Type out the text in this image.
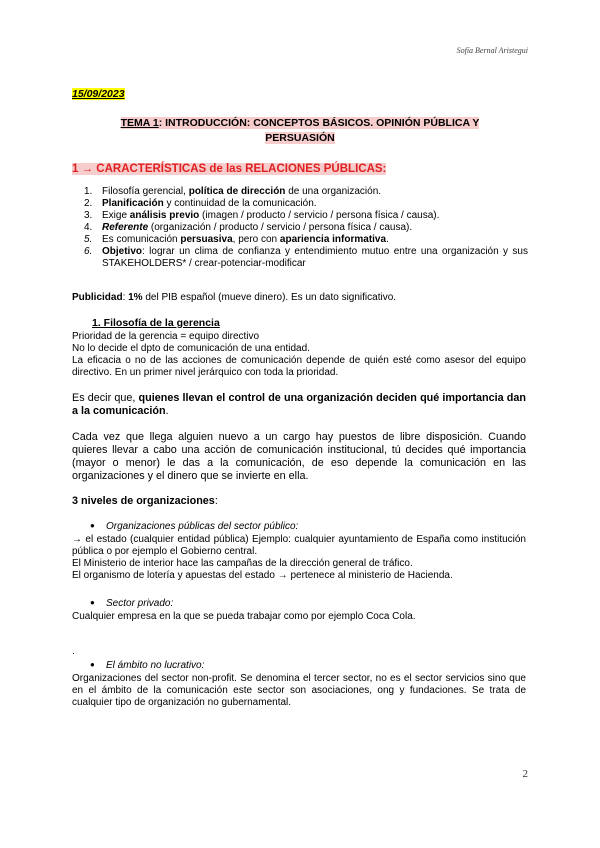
Sofía Bernal Aristegui
15/09/2023
TEMA 1: INTRODUCCIÓN: CONCEPTOS BÁSICOS. OPINIÓN PÚBLICA Y
PERSUASIÓN
1 → CARACTERÍSTICAS de las RELACIONES PÚBLICAS:
1. Filosofía gerencial, política de dirección de una organización.
2. Planificación y continuidad de la comunicación.
3. Exige análisis previo (imagen / producto / servicio / persona física / causa).
4. Referente (organización / producto / servicio / persona física / causa).
5. Es comunicación persuasiva, pero con apariencia informativa.
6. Objetivo: lograr un clima de confianza y entendimiento mutuo entre una organización y sus STAKEHOLDERS* / crear-potenciar-modificar

Publicidad: 1% del PIB español (mueve dinero). Es un dato significativo.

1. Filosofía de la gerencia

Prioridad de la gerencia = equipo directivo

No lo decide el dpto de comunicación de una entidad.

La eficacia o no de las acciones de comunicación depende de quién esté como asesor del equipo directivo. En un primer nivel jerárquico con toda la prioridad.

Es decir que, quienes llevan el control de una organización deciden qué importancia dan a la comunicación.

Cada vez que llega alguien nuevo a un cargo hay puestos de libre disposición. Cuando quieres llevar a cabo una acción de comunicación institucional, tú decides qué importancia (mayor o menor) le das a la comunicación, de eso depende la comunicación en las organizaciones y el dinero que se invierte en ella.

3 niveles de organizaciones:

● Organizaciones públicas del sector público:

→ el estado (cualquier entidad pública) Ejemplo: cualquier ayuntamiento de España como institución pública o por ejemplo el Gobierno central.

El Ministerio de interior hace las campañas de la dirección general de tráfico.

El organismo de lotería y apuestas del estado → pertenece al ministerio de Hacienda.

● Sector privado:

Cualquier empresa en la que se pueda trabajar como por ejemplo Coca Cola.

.

● El ámbito no lucrativo:

Organizaciones del sector non-profit. Se denomina el tercer sector, no es el sector servicios sino que en el ámbito de la comunicación este sector son asociaciones, ong y fundaciones. Se trata de cualquier tipo de organización no gubernamental.

2
